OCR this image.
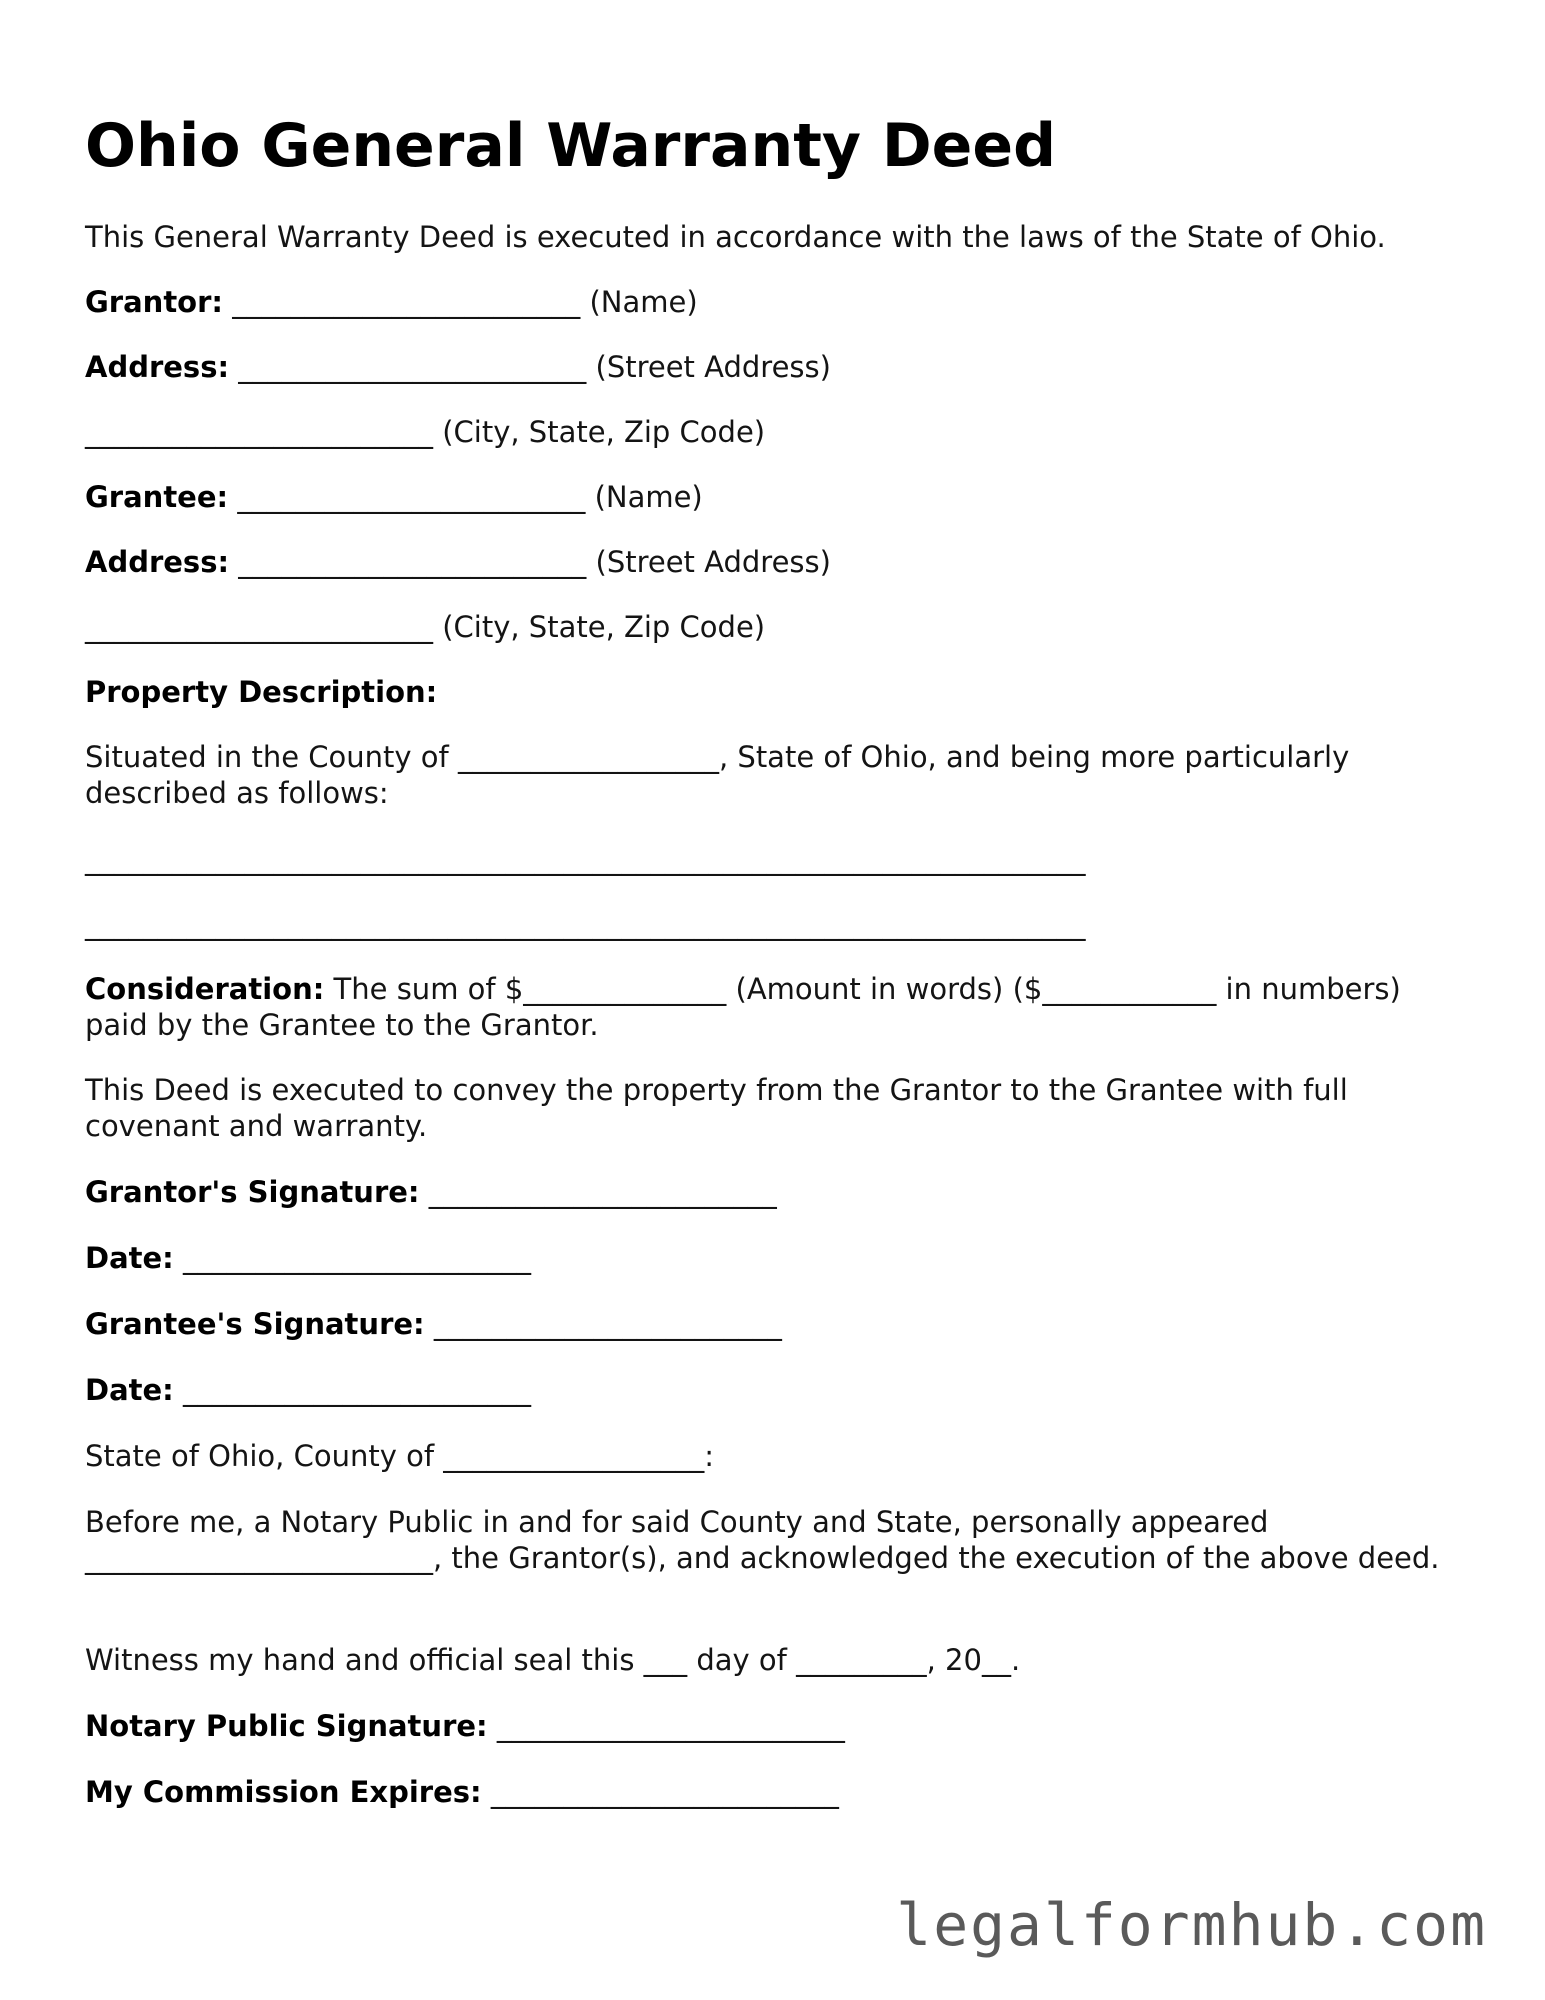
Ohio General Warranty Deed

This General Warranty Deed is executed in accordance with the laws of the State of Ohio.

Grantor: ________________________ (Name)

Address: ________________________ (Street Address)

________________________ (City, State, Zip Code)

Grantee: ________________________ (Name)

Address: ________________________ (Street Address)

________________________ (City, State, Zip Code)

Property Description:

Situated in the County of __________________, State of Ohio, and being more particularly described as follows:

_____________________________________________________________________

_____________________________________________________________________

Consideration: The sum of $______________ (Amount in words) ($____________ in numbers) paid by the Grantee to the Grantor.

This Deed is executed to convey the property from the Grantor to the Grantee with full covenant and warranty.

Grantor's Signature: ________________________

Date: ________________________

Grantee's Signature: ________________________

Date: ________________________

State of Ohio, County of __________________:

Before me, a Notary Public in and for said County and State, personally appeared ________________________, the Grantor(s), and acknowledged the execution of the above deed.

Witness my hand and official seal this ___ day of _________, 20__.

Notary Public Signature: ________________________

My Commission Expires: ________________________

legalformhub.com
